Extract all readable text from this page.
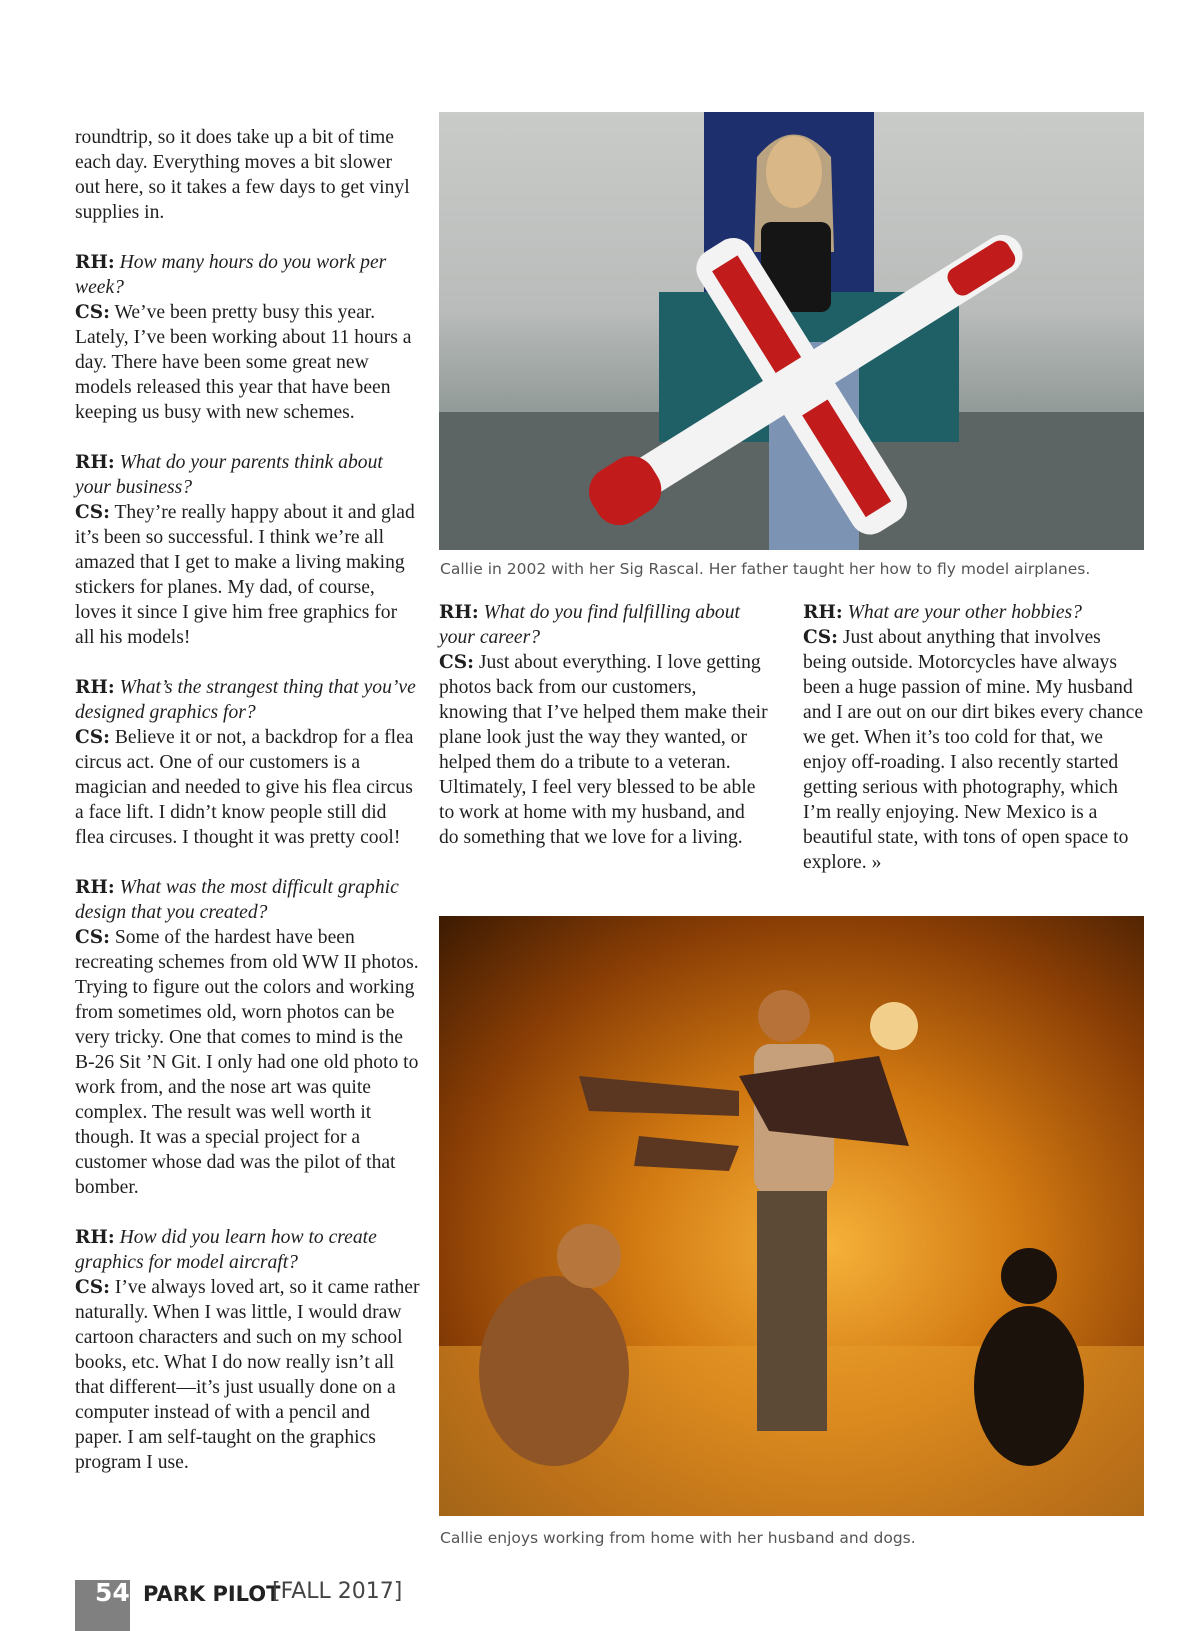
roundtrip, so it does take up a bit of time each day. Everything moves a bit slower out here, so it takes a few days to get vinyl supplies in.

RH: How many hours do you work per week?
CS: We’ve been pretty busy this year. Lately, I’ve been working about 11 hours a day. There have been some great new models released this year that have been keeping us busy with new schemes.

RH: What do your parents think about your business?
CS: They’re really happy about it and glad it’s been so successful. I think we’re all amazed that I get to make a living making stickers for planes. My dad, of course, loves it since I give him free graphics for all his models!

RH: What’s the strangest thing that you’ve designed graphics for?
CS: Believe it or not, a backdrop for a flea circus act. One of our customers is a magician and needed to give his flea circus a face lift. I didn’t know people still did flea circuses. I thought it was pretty cool!

RH: What was the most difficult graphic design that you created?
CS: Some of the hardest have been recreating schemes from old WW II photos. Trying to figure out the colors and working from sometimes old, worn photos can be very tricky. One that comes to mind is the B-26 Sit ’N Git. I only had one old photo to work from, and the nose art was quite complex. The result was well worth it though. It was a special project for a customer whose dad was the pilot of that bomber.

RH: How did you learn how to create graphics for model aircraft?
CS: I’ve always loved art, so it came rather naturally. When I was little, I would draw cartoon characters and such on my school books, etc. What I do now really isn’t all that different—it’s just usually done on a computer instead of with a pencil and paper. I am self-taught on the graphics program I use.

Callie in 2002 with her Sig Rascal. Her father taught her how to fly model airplanes.

RH: What do you find fulfilling about your career?
CS: Just about everything. I love getting photos back from our customers, knowing that I’ve helped them make their plane look just the way they wanted, or helped them do a tribute to a veteran. Ultimately, I feel very blessed to be able to work at home with my husband, and do something that we love for a living.

RH: What are your other hobbies?
CS: Just about anything that involves being outside. Motorcycles have always been a huge passion of mine. My husband and I are out on our dirt bikes every chance we get. When it’s too cold for that, we enjoy off-roading. I also recently started getting serious with photography, which I’m really enjoying. New Mexico is a beautiful state, with tons of open space to explore. »

Callie enjoys working from home with her husband and dogs.
54 PARK PILOT
[FALL 2017]
